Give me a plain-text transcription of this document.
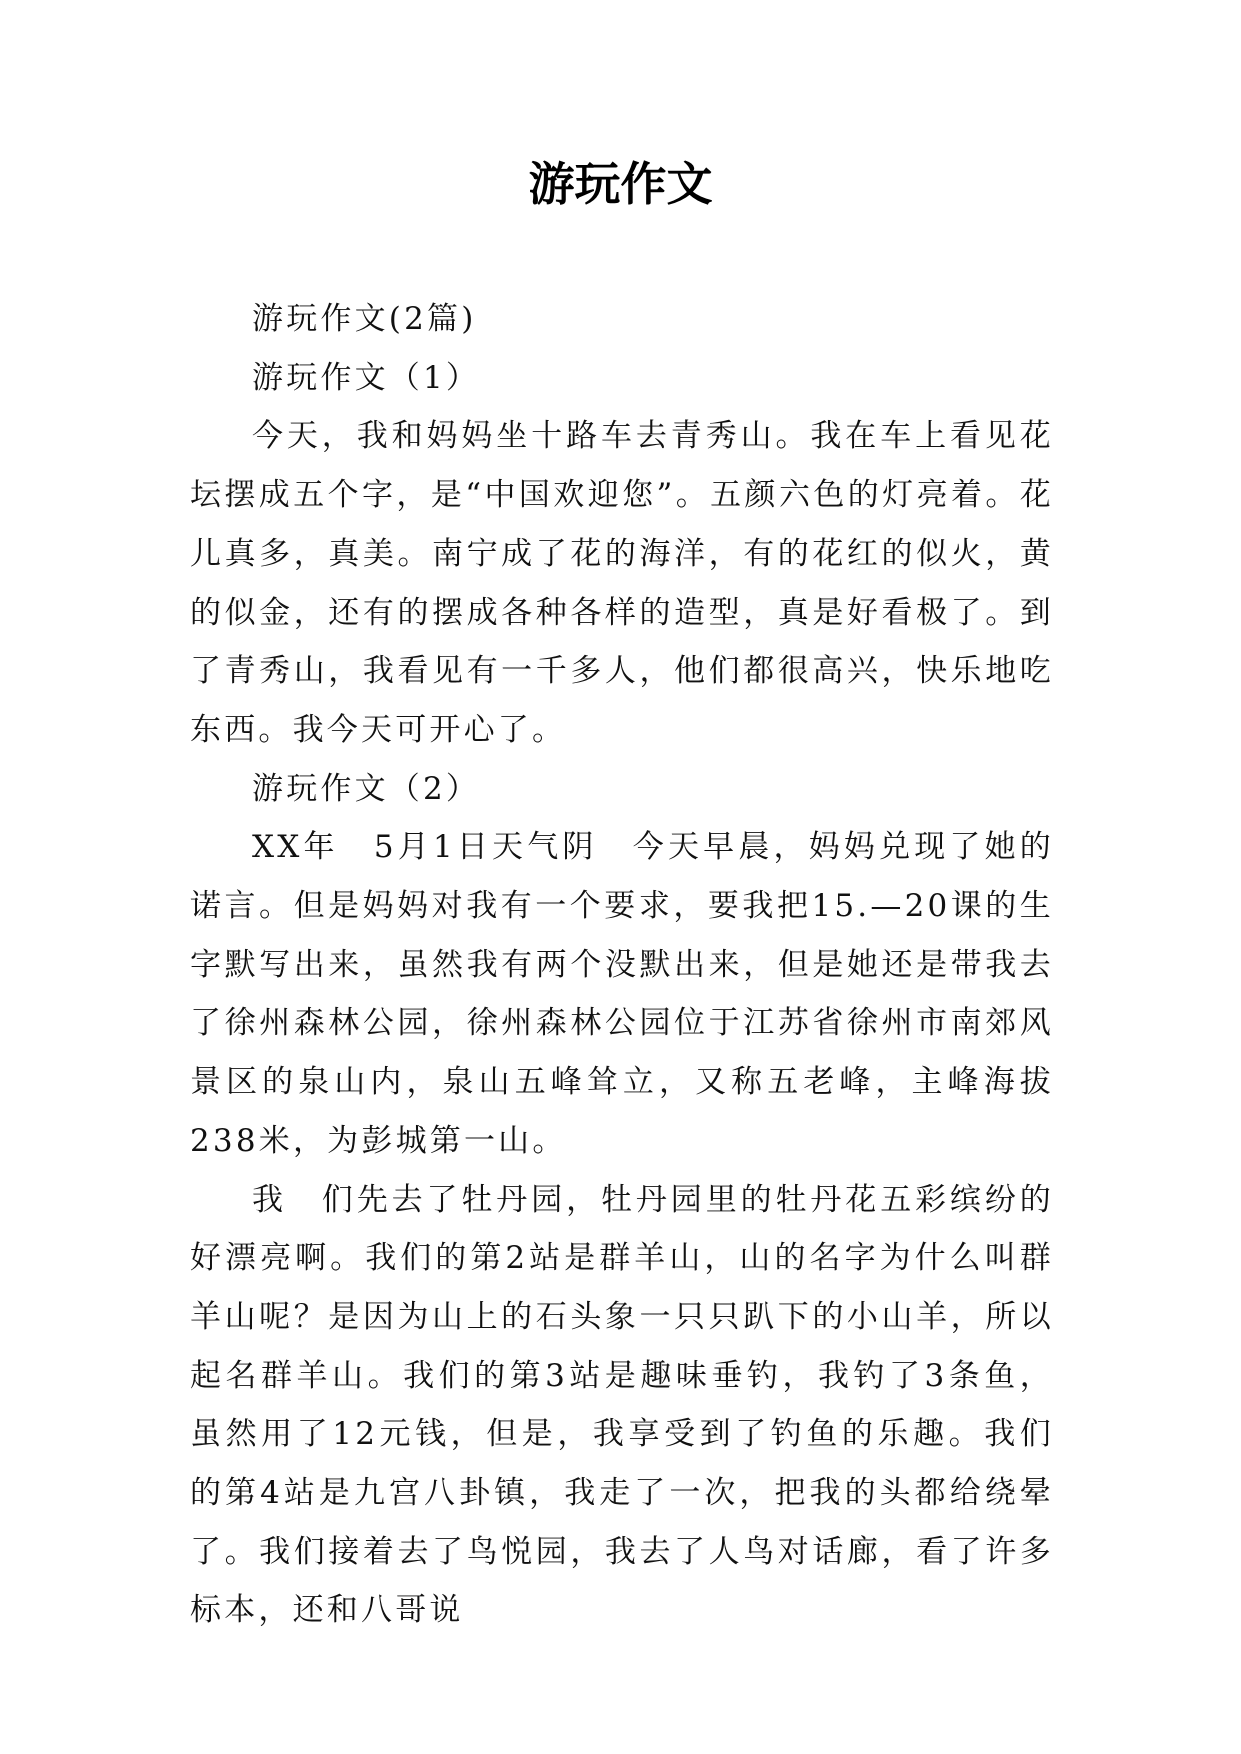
游玩作文

游玩作文(2篇)

游玩作文（1）

今天，我和妈妈坐十路车去青秀山。我在车上看见花坛摆成五个字，是“中国欢迎您”。五颜六色的灯亮着。花儿真多，真美。南宁成了花的海洋，有的花红的似火，黄的似金，还有的摆成各种各样的造型，真是好看极了。到了青秀山，我看见有一千多人，他们都很高兴，快乐地吃东西。我今天可开心了。

游玩作文（2）

XX年　5月1日天气阴　今天早晨，妈妈兑现了她的诺言。但是妈妈对我有一个要求，要我把15.—20课的生字默写出来，虽然我有两个没默出来，但是她还是带我去了徐州森林公园，徐州森林公园位于江苏省徐州市南郊风景区的泉山内，泉山五峰耸立，又称五老峰，主峰海拔238米，为彭城第一山。

我　们先去了牡丹园，牡丹园里的牡丹花五彩缤纷的好漂亮啊。我们的第2站是群羊山，山的名字为什么叫群羊山呢？是因为山上的石头象一只只趴下的小山羊，所以起名群羊山。我们的第3站是趣味垂钓，我钓了3条鱼，虽然用了12元钱，但是，我享受到了钓鱼的乐趣。我们的第4站是九宫八卦镇，我走了一次，把我的头都给绕晕了。我们接着去了鸟悦园，我去了人鸟对话廊，看了许多标本，还和八哥说
